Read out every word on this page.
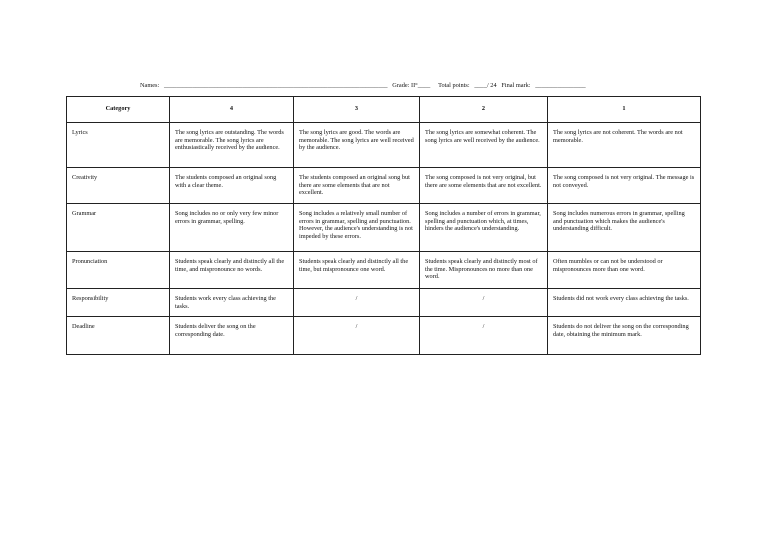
Names: _______________________________________________________________________ Grade: II°____ Total points: ____/ 24 Final mark: ________________
Category	4	3	2	1
Lyrics	The song lyrics are outstanding. The words are memorable. The song lyrics are enthusiastically received by the audience.	The song lyrics are good. The words are memorable. The song lyrics are well received by the audience.	The song lyrics are somewhat coherent. The song lyrics are well received by the audience.	The song lyrics are not coherent. The words are not memorable.
Creativity	The students composed an original song with a clear theme.	The students composed an original song but there are some elements that are not excellent.	The song composed is not very original, but there are some elements that are not excellent.	The song composed is not very original. The message is not conveyed.
Grammar	Song includes no or only very few minor errors in grammar, spelling.	Song includes a relatively small number of errors in grammar, spelling and punctuation. However, the audience's understanding is not impeded by these errors.	Song includes a number of errors in grammar, spelling and punctuation which, at times, hinders the audience's understanding.	Song includes numerous errors in grammar, spelling and punctuation which makes the audience's understanding difficult.
Pronunciation	Students speak clearly and distinctly all the time, and mispronounce no words.	Students speak clearly and distinctly all the time, but mispronounce one word.	Students speak clearly and distinctly most of the time. Mispronounces no more than one word.	Often mumbles or can not be understood or mispronounces more than one word.
Responsibility	Students work every class achieving the tasks.	/	/	Students did not work every class achieving the tasks.
Deadline	Students deliver the song on the corresponding date.	/	/	Students do not deliver the song on the corresponding date, obtaining the minimum mark.
